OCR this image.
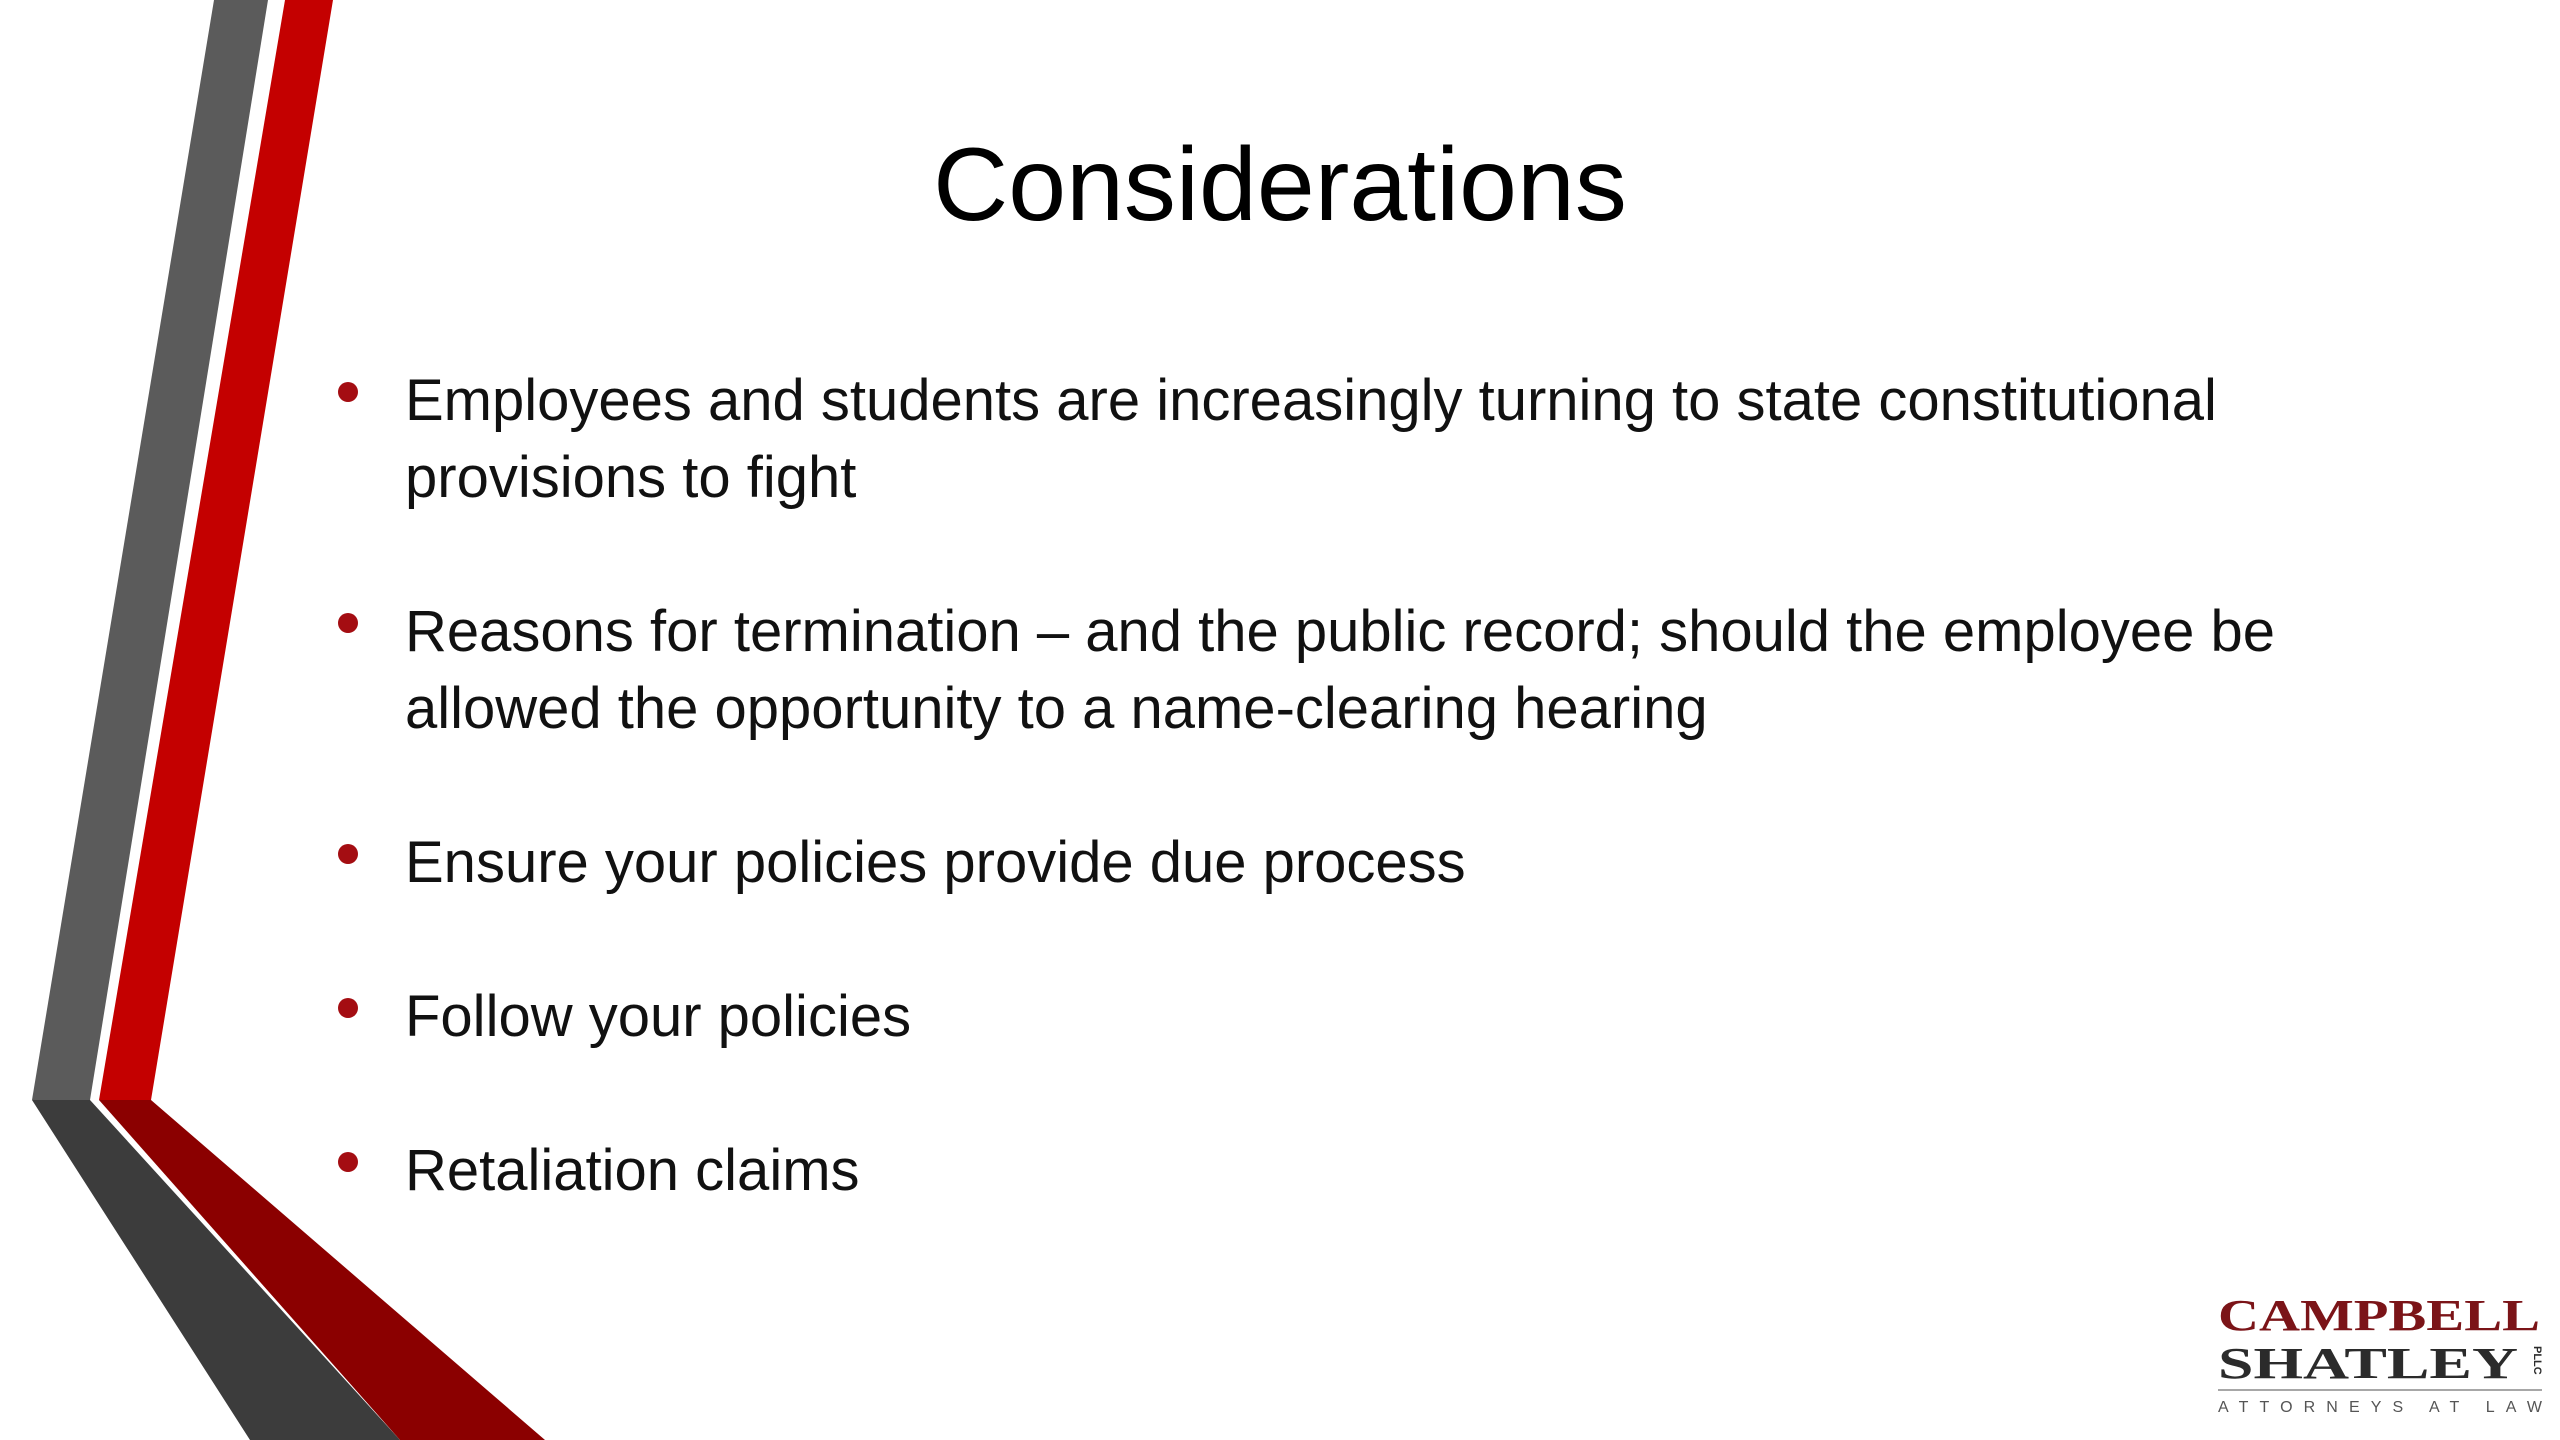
Considerations
Employees and students are increasingly turning to state constitutional provisions to fight
Reasons for termination – and the public record; should the employee be allowed the opportunity to a name-clearing hearing
Ensure your policies provide due process
Follow your policies
Retaliation claims
CAMPBELL
SHATLEY PLLC
ATTORNEYS AT LAW
